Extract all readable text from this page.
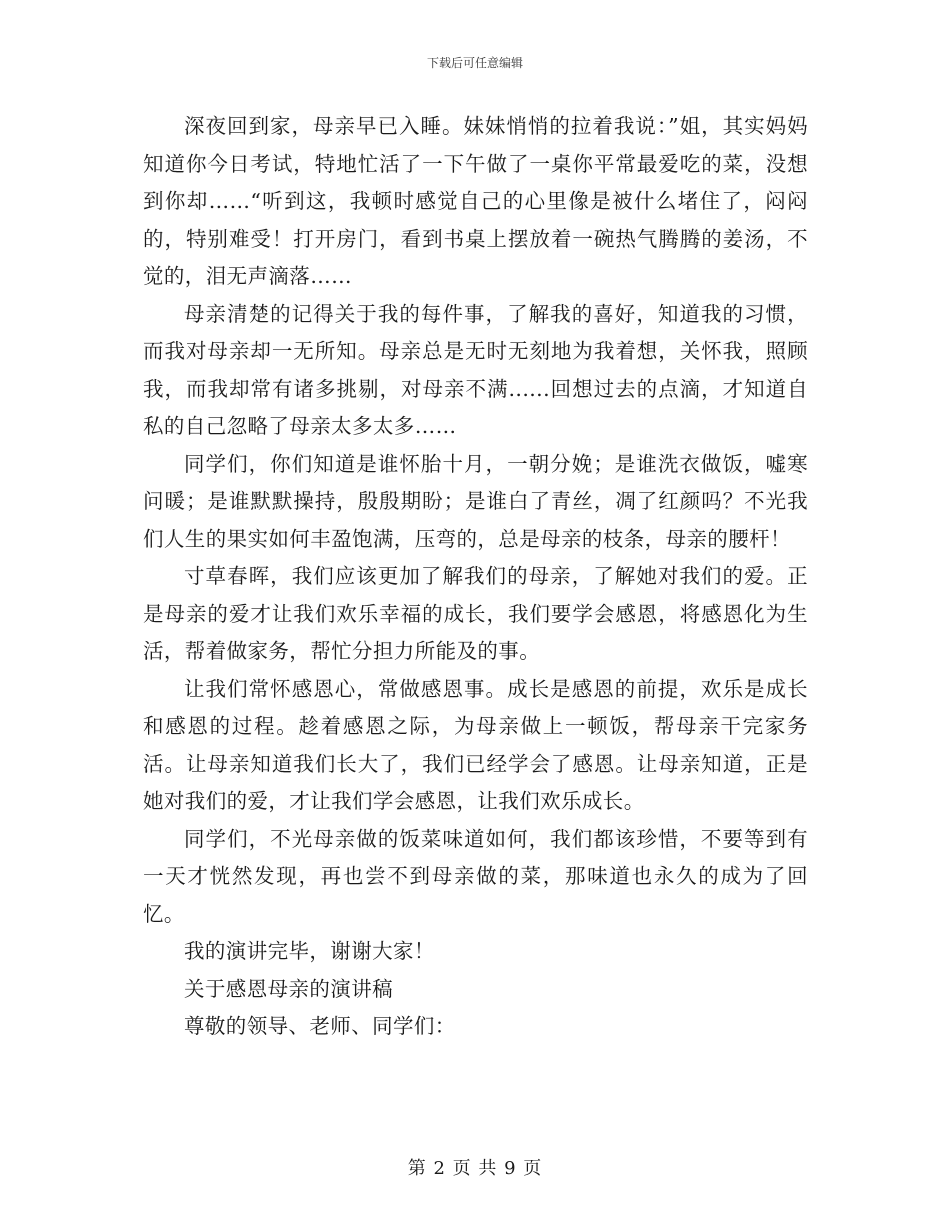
下载后可任意编辑

深夜回到家，母亲早已入睡。妹妹悄悄的拉着我说：”姐，其实妈妈知道你今日考试，特地忙活了一下午做了一桌你平常最爱吃的菜，没想到你却……“听到这，我顿时感觉自己的心里像是被什么堵住了，闷闷的，特别难受！打开房门，看到书桌上摆放着一碗热气腾腾的姜汤，不觉的，泪无声滴落……

母亲清楚的记得关于我的每件事，了解我的喜好，知道我的习惯，而我对母亲却一无所知。母亲总是无时无刻地为我着想，关怀我，照顾我，而我却常有诸多挑剔，对母亲不满......回想过去的点滴，才知道自私的自己忽略了母亲太多太多……

同学们，你们知道是谁怀胎十月，一朝分娩；是谁洗衣做饭，嘘寒问暖；是谁默默操持，殷殷期盼；是谁白了青丝，凋了红颜吗？不光我们人生的果实如何丰盈饱满，压弯的，总是母亲的枝条，母亲的腰杆！

寸草春晖，我们应该更加了解我们的母亲，了解她对我们的爱。正是母亲的爱才让我们欢乐幸福的成长，我们要学会感恩，将感恩化为生活，帮着做家务，帮忙分担力所能及的事。

让我们常怀感恩心，常做感恩事。成长是感恩的前提，欢乐是成长和感恩的过程。趁着感恩之际，为母亲做上一顿饭，帮母亲干完家务活。让母亲知道我们长大了，我们已经学会了感恩。让母亲知道，正是她对我们的爱，才让我们学会感恩，让我们欢乐成长。

同学们，不光母亲做的饭菜味道如何，我们都该珍惜，不要等到有一天才恍然发现，再也尝不到母亲做的菜，那味道也永久的成为了回忆。

我的演讲完毕，谢谢大家！

关于感恩母亲的演讲稿

尊敬的领导、老师、同学们：

第 2 页 共 9 页
